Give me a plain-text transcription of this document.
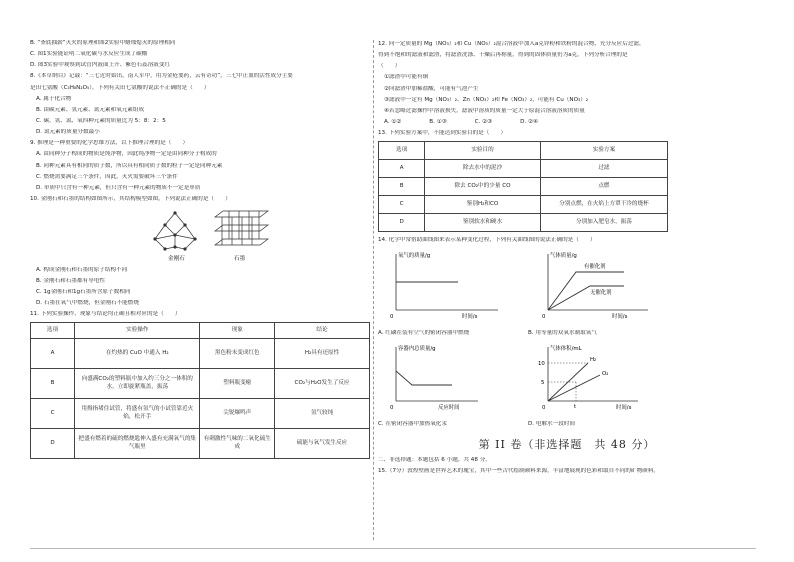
B. “釜底抽薪”灭火的原理和图2实验中蜡烛熄灭的原理相同
C. 图1实验能证明二氧化碳与水反应生成了碳酸
D. 图3实验中观察到试管内液面上升、紫色石蕊溶液变红
8.《本草纲目》记载：“三七近时始出，南人军中，用为金疮要药，云有奇功”。三七中止血的活性成分主要
是田七氨酸（C₅H₈N₂O₅），下列有关田七氨酸的说法不正确的是（　　）
A. 属于化合物
B. 由碳元素、氢元素、氮元素和氧元素组成
C. 碳、氢、氮、氧四种元素的质量比为 5：8：2：5
D. 氮元素的质量分数最小
9. 推理是一种重要的化学思维方法，以下推理合理的是（　　）
A. 由同种分子构成的物质是纯净物，因此纯净物一定是由同种分子构成的
B. 同种元素具有相同的质子数，所以具有相同质子数的粒子一定是同种元素
C. 燃烧需要满足三个条件，因此，灭火需要破坏三个条件
D. 单质中只含有一种元素，但只含有一种元素的物质不一定是单质
10. 金刚石和石墨的结构如图所示，其结构模型如图，下列说法正确的是（　　）
金刚石	石墨
A. 构成金刚石和石墨的原子结构不同
B. 金刚石和石墨都有导电性
C. 1g金刚石和1g石墨所含原子数相同
D. 石墨在氧气中燃烧，但金刚石不能燃烧
11. 下列实验操作、现象与结论均正确且相对应的是（　　）
选项	实验操作	现象	结论
A	在灼热的 CuO 中通入 H₂	黑色粉末变成红色	H₂具有还原性
B	向盛满CO₂的塑料瓶中加入约三分之一体积的水，立即旋紧瓶盖，振荡	塑料瓶变瘪	CO₂与H₂O发生了反应
C	用拇指堵住试管，将盛有氢气的小试管靠近火焰，松开手	尖锐爆鸣声	氢气较纯
D	把盛有燃着的硫的燃烧匙伸入盛有充满氧气的集气瓶里	有刺激性气味的二氧化硫生成	硫能与氧气发生反应
12. 向一定质量的 Mg（NO₃）₂和 Cu（NO₃）₂混合溶液中加入a克锌粉和铁粉的混合物，充分反应后过滤，
得到不饱和的滤液和滤渣，将滤渣洗涤、干燥后再称量，得到的固体质量仍为a克。下列分析合理的是
（　　）
①滤渣中可能有铜
②向滤渣中加稀盐酸，可能有气泡产生
③滤液中一定有 Mg（NO₃）₂、Zn（NO₃）₂和 Fe（NO₃）₂，可能有 Cu（NO₃）₂
④若忽略过滤操作中溶液损失，滤液中溶质的质量一定大于原混合溶液溶质的质量
A. ①②　　　　　B. ①③　　　　　C. ②③　　　　　D. ②④
13. 下列实验方案中，不能达到实验目的是（　　）
选项	实验目的	实验方案
A	除去水中的泥沙	过滤
B	除去 CO₂中的少量 CO	点燃
C	鉴别H₂和CO	分别点燃，在火焰上方罩干冷的烧杯
D	鉴别软水和硬水	分别加入肥皂水，振荡
14. 化学中常借助曲线图来表示某种变化过程，下列有关曲线图的说法正确的是（　　）
氧气的质量/g
时间/s
0
A. 红磷在装有空气的密闭容器中燃烧
气体质量/g
有催化剂
无催化剂
时间/s
0
B. 用等量的双氧水制取氧气
容器内总质量/g
反应时间
0
C. 在密闭容器中加热氧化汞
气体体积/mL
H₂
O₂
10
5
t	时间/s
0
D. 电解水一段时间
第 II 卷（非选择题　共 48 分）
二、非选择题：本题包括 6 小题，共 48 分。
15.（7分）敦煌壁画是世界艺术的瑰宝，其中一些古代绘制颜料来源，丰富地展现的色彩和取自不同的矿物颜料。
